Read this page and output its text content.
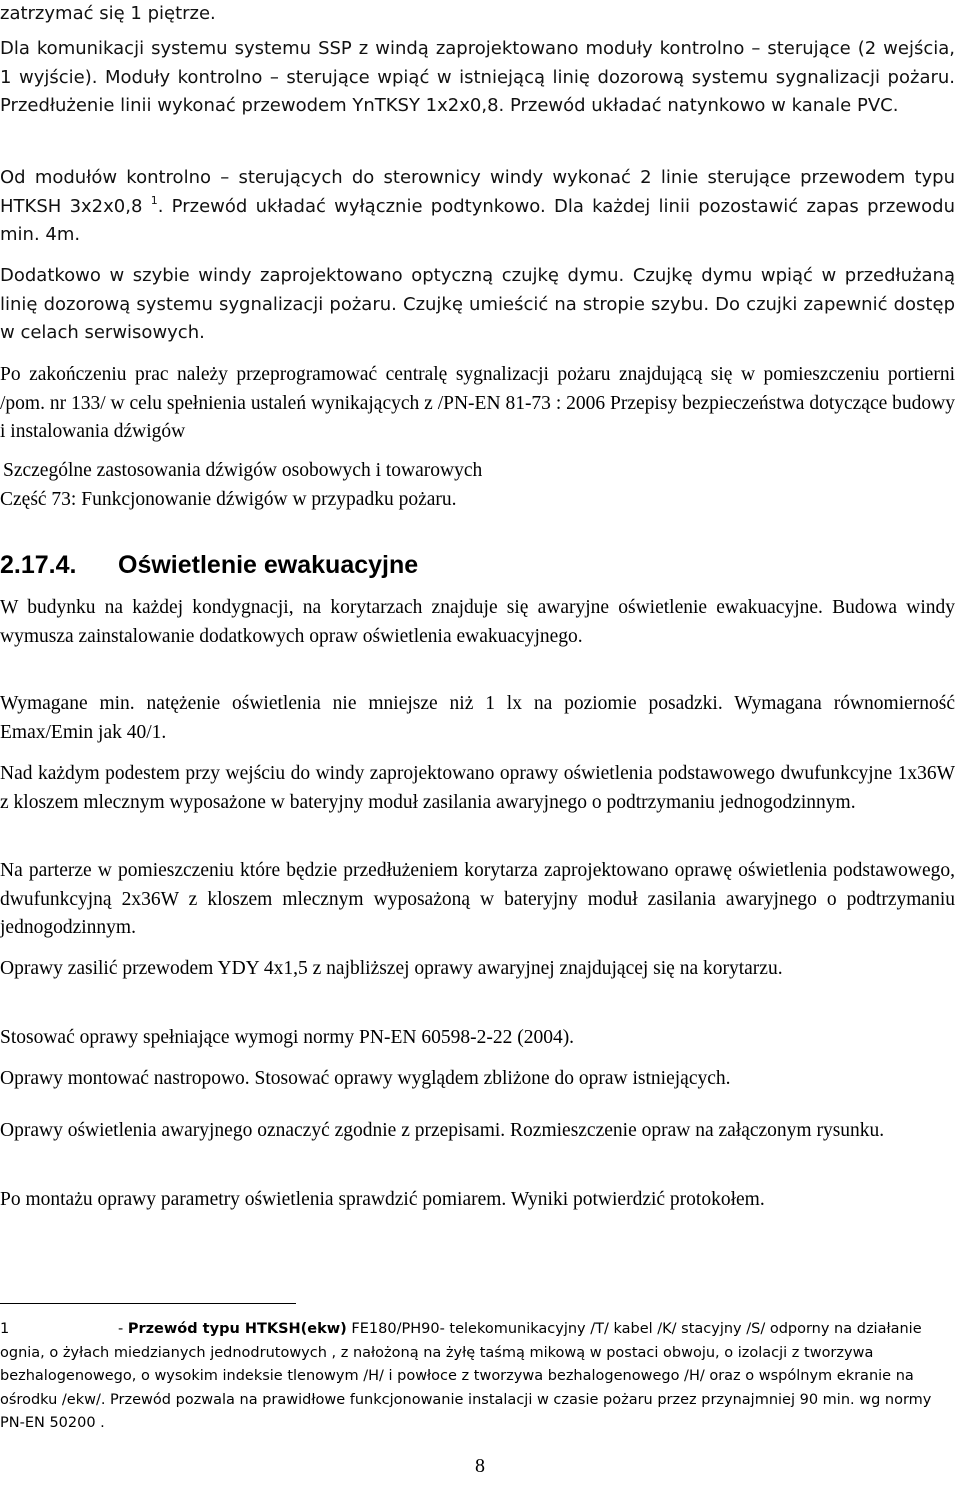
zatrzymać się 1 piętrze.

Dla komunikacji systemu systemu SSP z windą zaprojektowano moduły kontrolno – sterujące (2 wejścia, 1 wyjście). Moduły kontrolno – sterujące wpiąć w istniejącą linię dozorową systemu sygnalizacji pożaru. Przedłużenie linii wykonać przewodem YnTKSY 1x2x0,8. Przewód układać natynkowo w kanale PVC.

Od modułów kontrolno – sterujących do sterownicy windy wykonać 2 linie sterujące przewodem typu HTKSH 3x2x0,8 $^1$. Przewód układać wyłącznie podtynkowo. Dla każdej linii pozostawić zapas przewodu min. 4m.

Dodatkowo w szybie windy zaprojektowano optyczną czujkę dymu. Czujkę dymu wpiąć w przedłużaną linię dozorową systemu sygnalizacji pożaru. Czujkę umieścić na stropie szybu. Do czujki zapewnić dostęp w celach serwisowych.

Po zakończeniu prac należy przeprogramować centralę sygnalizacji pożaru znajdującą się w pomieszczeniu portierni /pom. nr 133/ w celu spełnienia ustaleń wynikających z /PN-EN 81-73 : 2006 Przepisy bezpieczeństwa dotyczące budowy i instalowania dźwigów

Szczególne zastosowania dźwigów osobowych i towarowych
Część 73: Funkcjonowanie dźwigów w przypadku pożaru.

2.17.4. Oświetlenie ewakuacyjne

W budynku na każdej kondygnacji, na korytarzach znajduje się awaryjne oświetlenie ewakuacyjne. Budowa windy wymusza zainstalowanie dodatkowych opraw oświetlenia ewakuacyjnego.

Wymagane min. natężenie oświetlenia nie mniejsze niż 1 lx na poziomie posadzki. Wymagana równomierność Emax/Emin jak 40/1.

Nad każdym podestem przy wejściu do windy zaprojektowano oprawy oświetlenia podstawowego dwufunkcyjne 1x36W z kloszem mlecznym wyposażone w bateryjny moduł zasilania awaryjnego o podtrzymaniu jednogodzinnym.

Na parterze w pomieszczeniu które będzie przedłużeniem korytarza zaprojektowano oprawę oświetlenia podstawowego, dwufunkcyjną 2x36W z kloszem mlecznym wyposażoną w bateryjny moduł zasilania awaryjnego o podtrzymaniu jednogodzinnym.

Oprawy zasilić przewodem YDY 4x1,5 z najbliższej oprawy awaryjnej znajdującej się na korytarzu.

Stosować oprawy spełniające wymogi normy PN-EN 60598-2-22 (2004).

Oprawy montować nastropowo. Stosować oprawy wyglądem zbliżone do opraw istniejących.

Oprawy oświetlenia awaryjnego oznaczyć zgodnie z przepisami. Rozmieszczenie opraw na załączonym rysunku.

Po montażu oprawy parametry oświetlenia sprawdzić pomiarem. Wyniki potwierdzić protokołem.

1	- Przewód typu HTKSH(ekw) FE180/PH90- telekomunikacyjny /T/ kabel /K/ stacyjny /S/ odporny na działanie ognia, o żyłach miedzianych jednodrutowych , z nałożoną na żyłę taśmą mikową w postaci obwoju, o izolacji z tworzywa bezhalogenowego, o wysokim indeksie tlenowym /H/ i powłoce z tworzywa bezhalogenowego /H/ oraz o wspólnym ekranie na ośrodku /ekw/. Przewód pozwala na prawidłowe funkcjonowanie instalacji w czasie pożaru przez przynajmniej 90 min. wg normy PN-EN 50200 .

8
